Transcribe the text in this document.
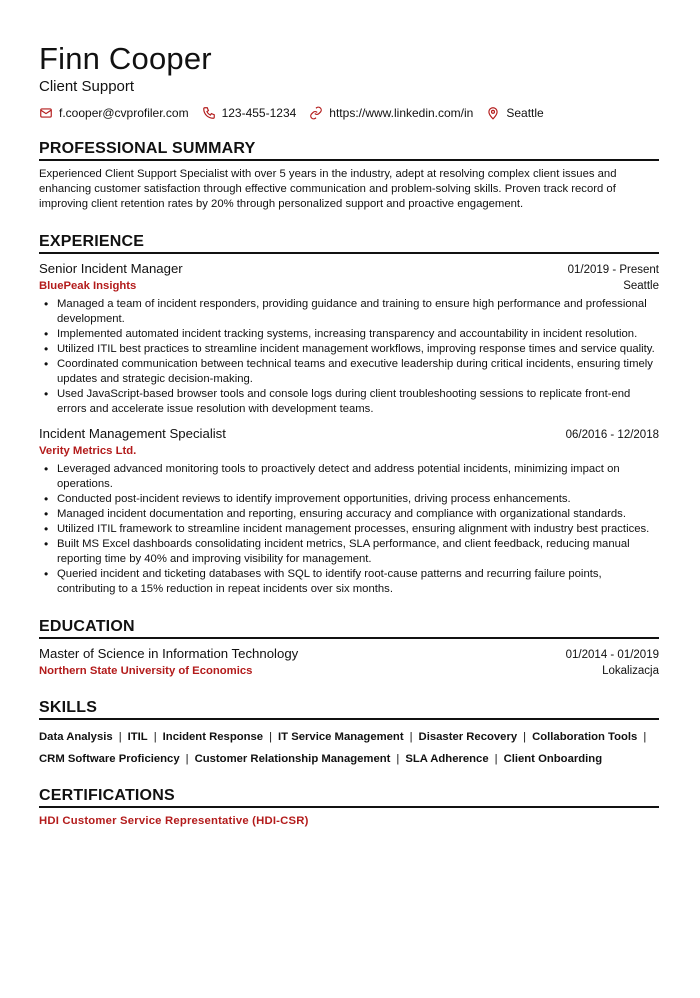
Finn Cooper
Client Support
f.cooper@cvprofiler.com	123-455-1234	https://www.linkedin.com/in	Seattle
PROFESSIONAL SUMMARY
Experienced Client Support Specialist with over 5 years in the industry, adept at resolving complex client issues and enhancing customer satisfaction through effective communication and problem-solving skills. Proven track record of improving client retention rates by 20% through personalized support and proactive engagement.
EXPERIENCE
Senior Incident Manager	01/2019 - Present
BluePeak Insights	Seattle
• Managed a team of incident responders, providing guidance and training to ensure high performance and professional development.
• Implemented automated incident tracking systems, increasing transparency and accountability in incident resolution.
• Utilized ITIL best practices to streamline incident management workflows, improving response times and service quality.
• Coordinated communication between technical teams and executive leadership during critical incidents, ensuring timely updates and strategic decision-making.
• Used JavaScript-based browser tools and console logs during client troubleshooting sessions to replicate front-end errors and accelerate issue resolution with development teams.
Incident Management Specialist	06/2016 - 12/2018
Verity Metrics Ltd.
• Leveraged advanced monitoring tools to proactively detect and address potential incidents, minimizing impact on operations.
• Conducted post-incident reviews to identify improvement opportunities, driving process enhancements.
• Managed incident documentation and reporting, ensuring accuracy and compliance with organizational standards.
• Utilized ITIL framework to streamline incident management processes, ensuring alignment with industry best practices.
• Built MS Excel dashboards consolidating incident metrics, SLA performance, and client feedback, reducing manual reporting time by 40% and improving visibility for management.
• Queried incident and ticketing databases with SQL to identify root-cause patterns and recurring failure points, contributing to a 15% reduction in repeat incidents over six months.
EDUCATION
Master of Science in Information Technology	01/2014 - 01/2019
Northern State University of Economics	Lokalizacja
SKILLS
Data Analysis | ITIL | Incident Response | IT Service Management | Disaster Recovery | Collaboration Tools |
CRM Software Proficiency | Customer Relationship Management | SLA Adherence | Client Onboarding
CERTIFICATIONS
HDI Customer Service Representative (HDI-CSR)
